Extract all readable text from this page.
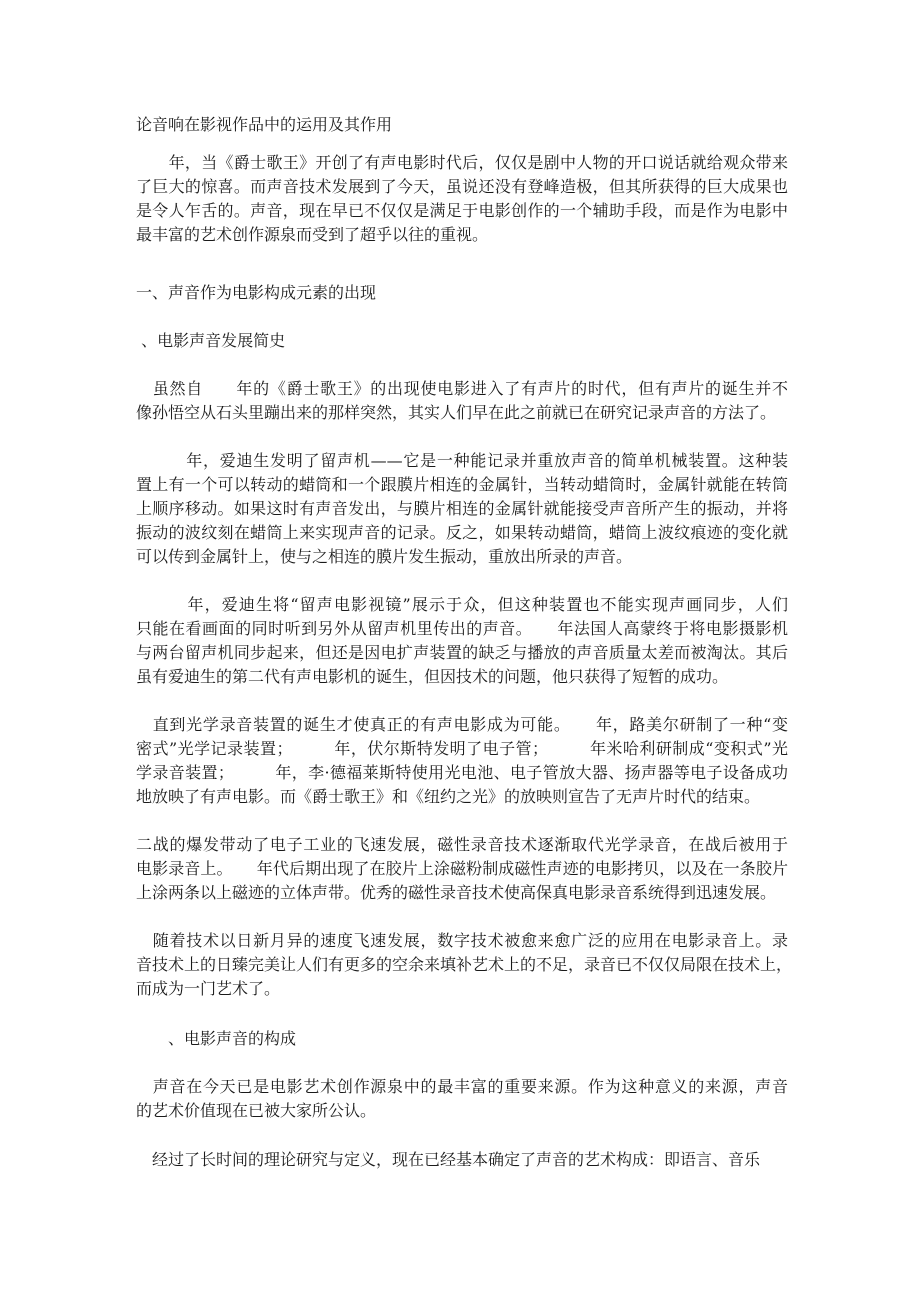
论音响在影视作品中的运用及其作用
　　年，当《爵士歌王》开创了有声电影时代后，仅仅是剧中人物的开口说话就给观众带来
了巨大的惊喜。而声音技术发展到了今天，虽说还没有登峰造极，但其所获得的巨大成果也
是令人乍舌的。声音，现在早已不仅仅是满足于电影创作的一个辅助手段，而是作为电影中
最丰富的艺术创作源泉而受到了超乎以往的重视。
一、声音作为电影构成元素的出现
、电影声音发展简史
　虽然自　　年的《爵士歌王》的出现使电影进入了有声片的时代，但有声片的诞生并不
像孙悟空从石头里蹦出来的那样突然，其实人们早在此之前就已在研究记录声音的方法了。
　　　年，爱迪生发明了留声机——它是一种能记录并重放声音的简单机械装置。这种装
置上有一个可以转动的蜡筒和一个跟膜片相连的金属针，当转动蜡筒时，金属针就能在转筒
上顺序移动。如果这时有声音发出，与膜片相连的金属针就能接受声音所产生的振动，并将
振动的波纹刻在蜡筒上来实现声音的记录。反之，如果转动蜡筒，蜡筒上波纹痕迹的变化就
可以传到金属针上，使与之相连的膜片发生振动，重放出所录的声音。
　　　年，爱迪生将“留声电影视镜”展示于众，但这种装置也不能实现声画同步，人们
只能在看画面的同时听到另外从留声机里传出的声音。　　年法国人高蒙终于将电影摄影机
与两台留声机同步起来，但还是因电扩声装置的缺乏与播放的声音质量太差而被淘汰。其后
虽有爱迪生的第二代有声电影机的诞生，但因技术的问题，他只获得了短暂的成功。
　直到光学录音装置的诞生才使真正的有声电影成为可能。　　年，路美尔研制了一种“变
密式”光学记录装置；　　　年，伏尔斯特发明了电子管；　　　年米哈利研制成“变积式”光
学录音装置；　　　年，李·德福莱斯特使用光电池、电子管放大器、扬声器等电子设备成功
地放映了有声电影。而《爵士歌王》和《纽约之光》的放映则宣告了无声片时代的结束。
二战的爆发带动了电子工业的飞速发展，磁性录音技术逐渐取代光学录音，在战后被用于
电影录音上。　　年代后期出现了在胶片上涂磁粉制成磁性声迹的电影拷贝，以及在一条胶片
上涂两条以上磁迹的立体声带。优秀的磁性录音技术使高保真电影录音系统得到迅速发展。
　随着技术以日新月异的速度飞速发展，数字技术被愈来愈广泛的应用在电影录音上。录
音技术上的日臻完美让人们有更多的空余来填补艺术上的不足，录音已不仅仅局限在技术上，
而成为一门艺术了。
　　、电影声音的构成
　声音在今天已是电影艺术创作源泉中的最丰富的重要来源。作为这种意义的来源，声音
的艺术价值现在已被大家所公认。
　经过了长时间的理论研究与定义，现在已经基本确定了声音的艺术构成：即语言、音乐
